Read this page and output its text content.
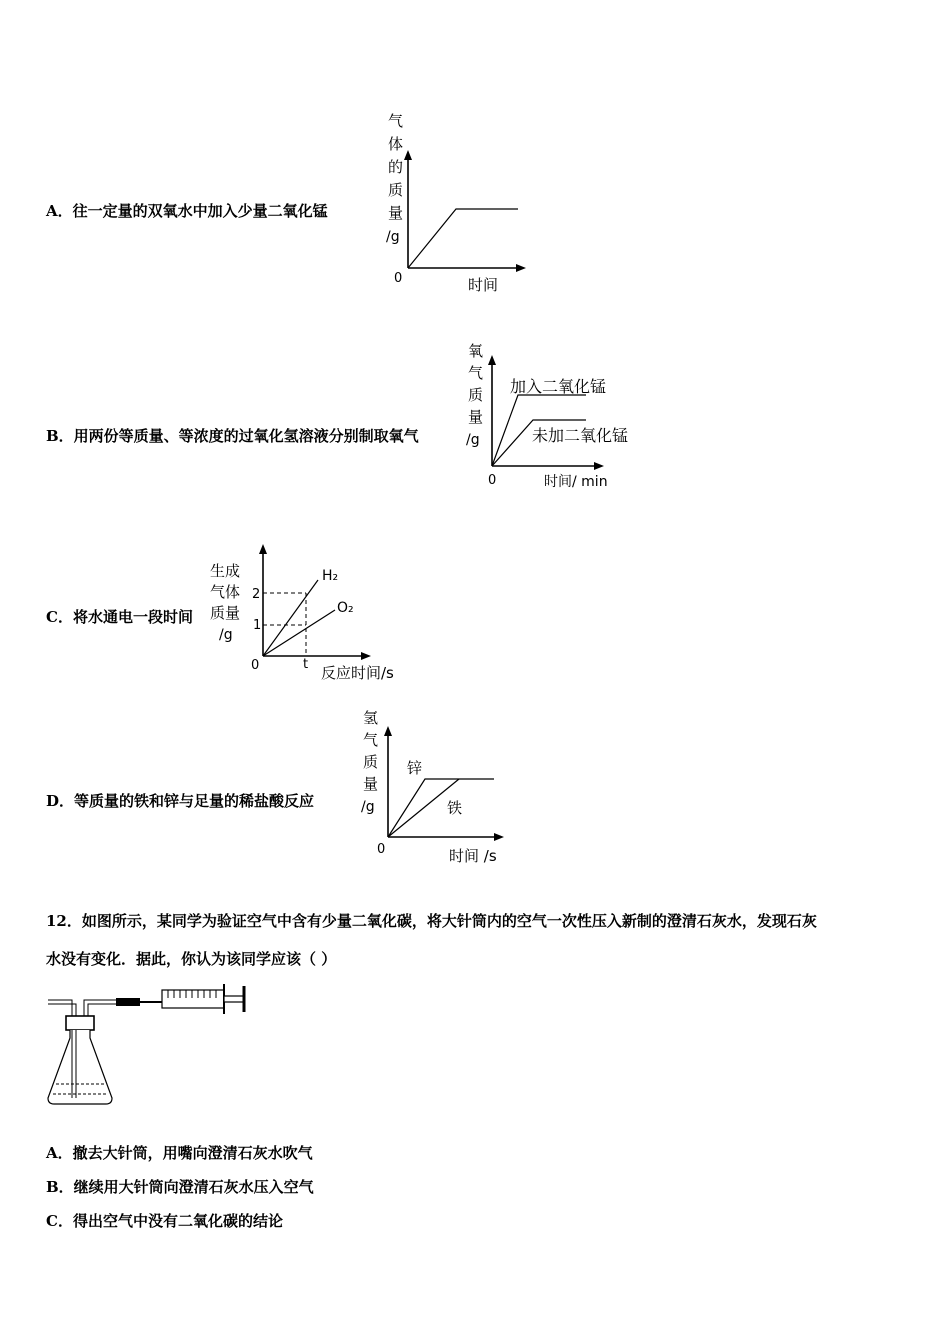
A．往一定量的双氧水中加入少量二氧化锰
气
体
的
质
量
/g
0	时间
B．用两份等质量、等浓度的过氧化氢溶液分别制取氧气
氧
气
质
量
/g
0	时间/ min
加入二氧化锰
未加二氧化锰
C．将水通电一段时间
生成
气体
质量
/g
0
2
1
t 反应时间/s
H₂
O₂
D．等质量的铁和锌与足量的稀盐酸反应
氢
气
质
量
/g
0	时间 /s
锌
铁
12．如图所示，某同学为验证空气中含有少量二氧化碳，将大针筒内的空气一次性压入新制的澄清石灰水，发现石灰
水没有变化．据此，你认为该同学应该（ ）
A．撤去大针筒，用嘴向澄清石灰水吹气
B．继续用大针筒向澄清石灰水压入空气
C．得出空气中没有二氧化碳的结论
